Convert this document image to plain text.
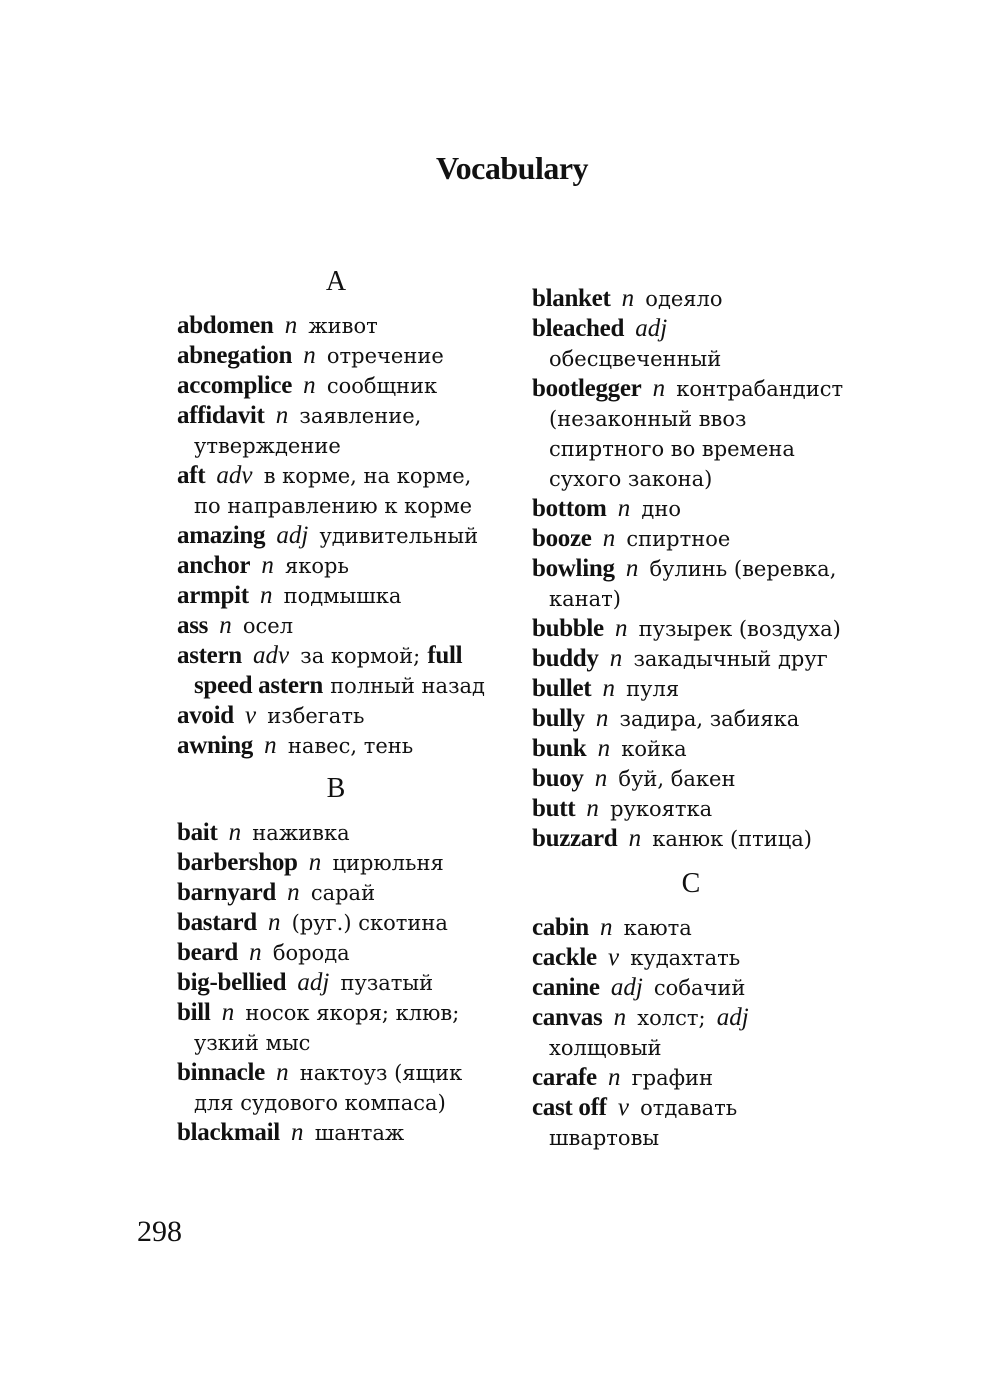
Vocabulary
A
abdomen n живот
abnegation n отречение
accomplice n сообщник
affidavit n заявление, утверждение
aft adv в корме, на корме, по направлению к корме
amazing adj удивительный
anchor n якорь
armpit n подмышка
ass n осел
astern adv за кормой; full speed astern полный назад
avoid v избегать
awning n навес, тень
B
bait n наживка
barbershop n цирюльня
barnyard n сарай
bastard n (руг.) скотина
beard n борода
big-bellied adj пузатый
bill n носок якоря; клюв; узкий мыс
binnacle n нактоуз (ящик для судового компаса)
blackmail n шантаж
blanket n одеяло
bleached adj обесцвеченный
bootlegger n контрабандист (незаконный ввоз спиртного во времена сухого закона)
bottom n дно
booze n спиртное
bowling n булинь (веревка, канат)
bubble n пузырек (воздуха)
buddy n закадычный друг
bullet n пуля
bully n задира, забияка
bunk n койка
buoy n буй, бакен
butt n рукоятка
buzzard n канюк (птица)
C
cabin n каюта
cackle v кудахтать
canine adj собачий
canvas n холст; adj холщовый
carafe n графин
cast off v отдавать швартовы
298
